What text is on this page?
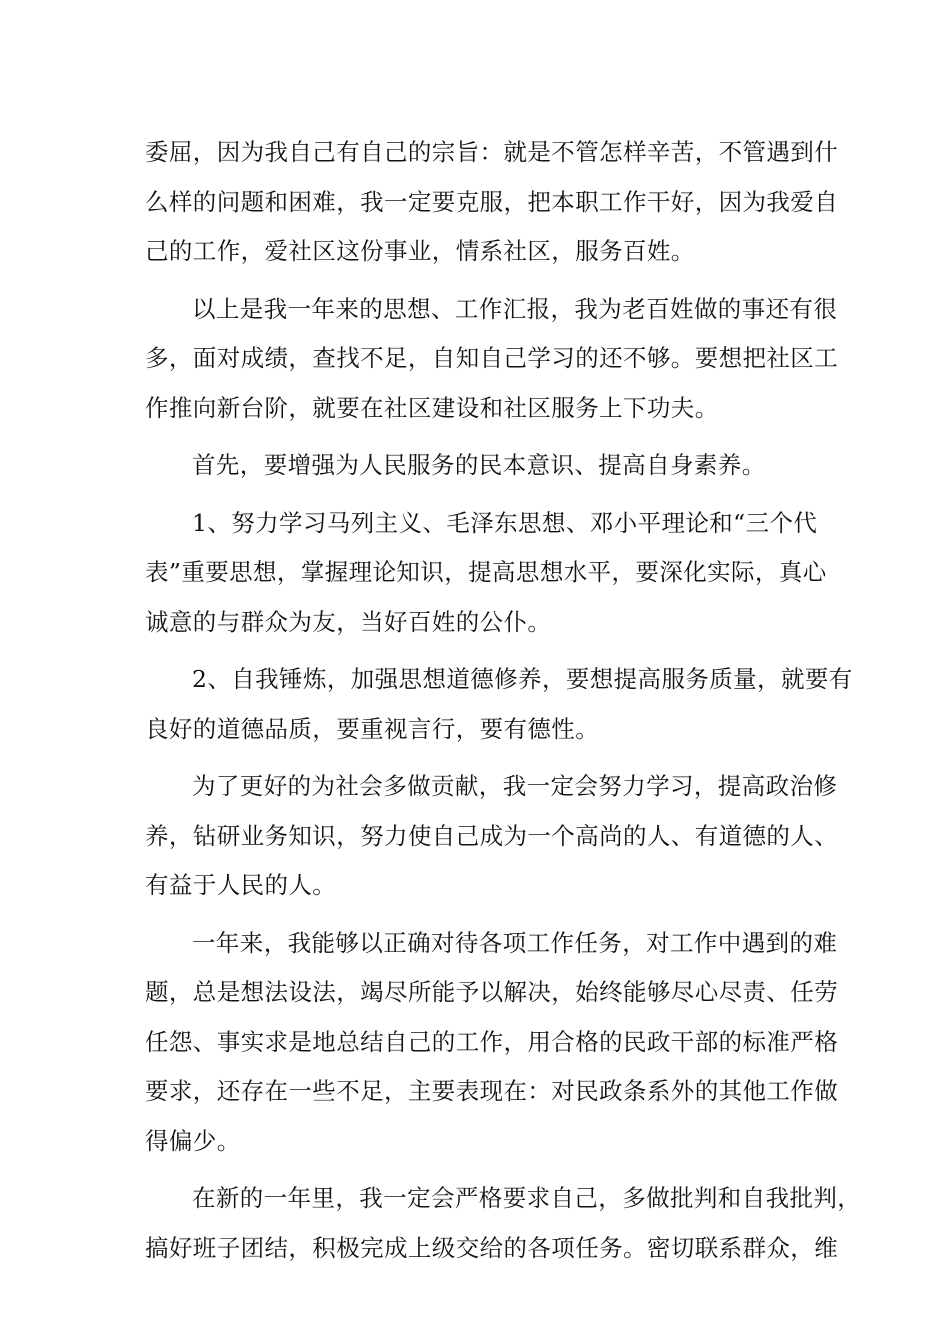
委屈，因为我自己有自己的宗旨：就是不管怎样辛苦，不管遇到什
么样的问题和困难，我一定要克服，把本职工作干好，因为我爱自
己的工作，爱社区这份事业，情系社区，服务百姓。
以上是我一年来的思想、工作汇报，我为老百姓做的事还有很
多，面对成绩，查找不足，自知自己学习的还不够。要想把社区工
作推向新台阶，就要在社区建设和社区服务上下功夫。
首先，要增强为人民服务的民本意识、提高自身素养。
1、努力学习马列主义、毛泽东思想、邓小平理论和“三个代
表”重要思想，掌握理论知识，提高思想水平，要深化实际，真心
诚意的与群众为友，当好百姓的公仆。
2、自我锤炼，加强思想道德修养，要想提高服务质量，就要有
良好的道德品质，要重视言行，要有德性。
为了更好的为社会多做贡献，我一定会努力学习，提高政治修
养，钻研业务知识，努力使自己成为一个高尚的人、有道德的人、
有益于人民的人。
一年来，我能够以正确对待各项工作任务，对工作中遇到的难
题，总是想法设法，竭尽所能予以解决，始终能够尽心尽责、任劳
任怨、事实求是地总结自己的工作，用合格的民政干部的标准严格
要求，还存在一些不足，主要表现在：对民政条系外的其他工作做
得偏少。
在新的一年里，我一定会严格要求自己，多做批判和自我批判，
搞好班子团结，积极完成上级交给的各项任务。密切联系群众，维
